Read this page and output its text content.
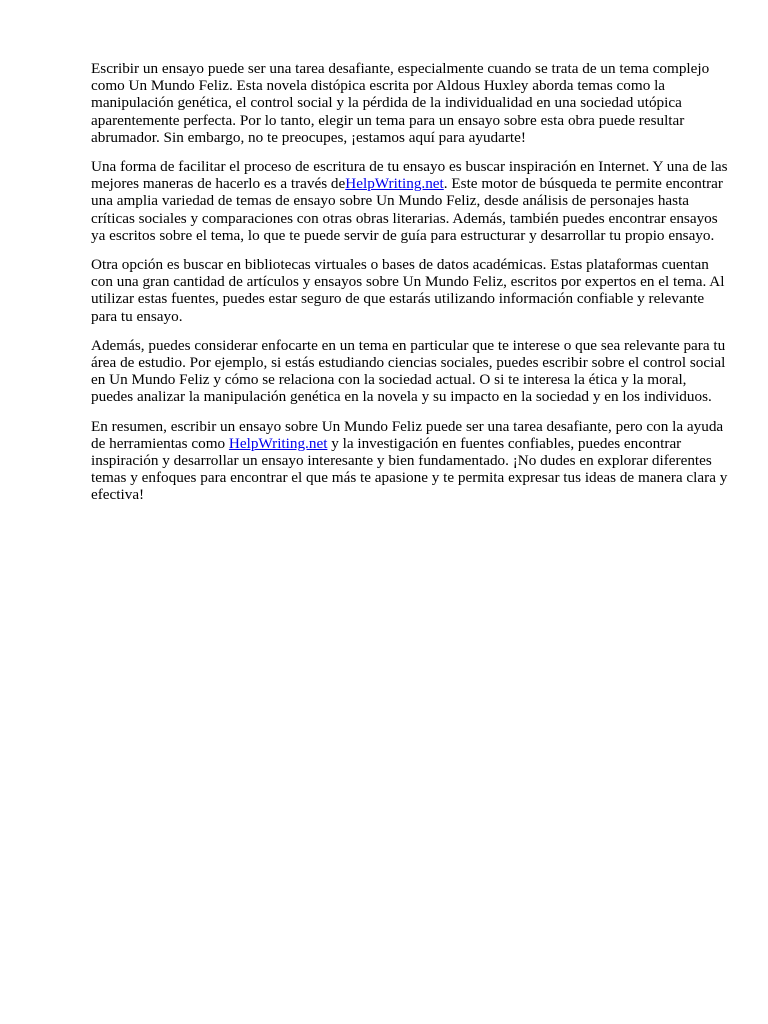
Escribir un ensayo puede ser una tarea desafiante, especialmente cuando se trata de un tema complejo como Un Mundo Feliz. Esta novela distópica escrita por Aldous Huxley aborda temas como la manipulación genética, el control social y la pérdida de la individualidad en una sociedad utópica aparentemente perfecta. Por lo tanto, elegir un tema para un ensayo sobre esta obra puede resultar abrumador. Sin embargo, no te preocupes, ¡estamos aquí para ayudarte!

Una forma de facilitar el proceso de escritura de tu ensayo es buscar inspiración en Internet. Y una de las mejores maneras de hacerlo es a través deHelpWriting.net. Este motor de búsqueda te permite encontrar una amplia variedad de temas de ensayo sobre Un Mundo Feliz, desde análisis de personajes hasta críticas sociales y comparaciones con otras obras literarias. Además, también puedes encontrar ensayos ya escritos sobre el tema, lo que te puede servir de guía para estructurar y desarrollar tu propio ensayo.

Otra opción es buscar en bibliotecas virtuales o bases de datos académicas. Estas plataformas cuentan con una gran cantidad de artículos y ensayos sobre Un Mundo Feliz, escritos por expertos en el tema. Al utilizar estas fuentes, puedes estar seguro de que estarás utilizando información confiable y relevante para tu ensayo.

Además, puedes considerar enfocarte en un tema en particular que te interese o que sea relevante para tu área de estudio. Por ejemplo, si estás estudiando ciencias sociales, puedes escribir sobre el control social en Un Mundo Feliz y cómo se relaciona con la sociedad actual. O si te interesa la ética y la moral, puedes analizar la manipulación genética en la novela y su impacto en la sociedad y en los individuos.

En resumen, escribir un ensayo sobre Un Mundo Feliz puede ser una tarea desafiante, pero con la ayuda de herramientas como HelpWriting.net y la investigación en fuentes confiables, puedes encontrar inspiración y desarrollar un ensayo interesante y bien fundamentado. ¡No dudes en explorar diferentes temas y enfoques para encontrar el que más te apasione y te permita expresar tus ideas de manera clara y efectiva!
